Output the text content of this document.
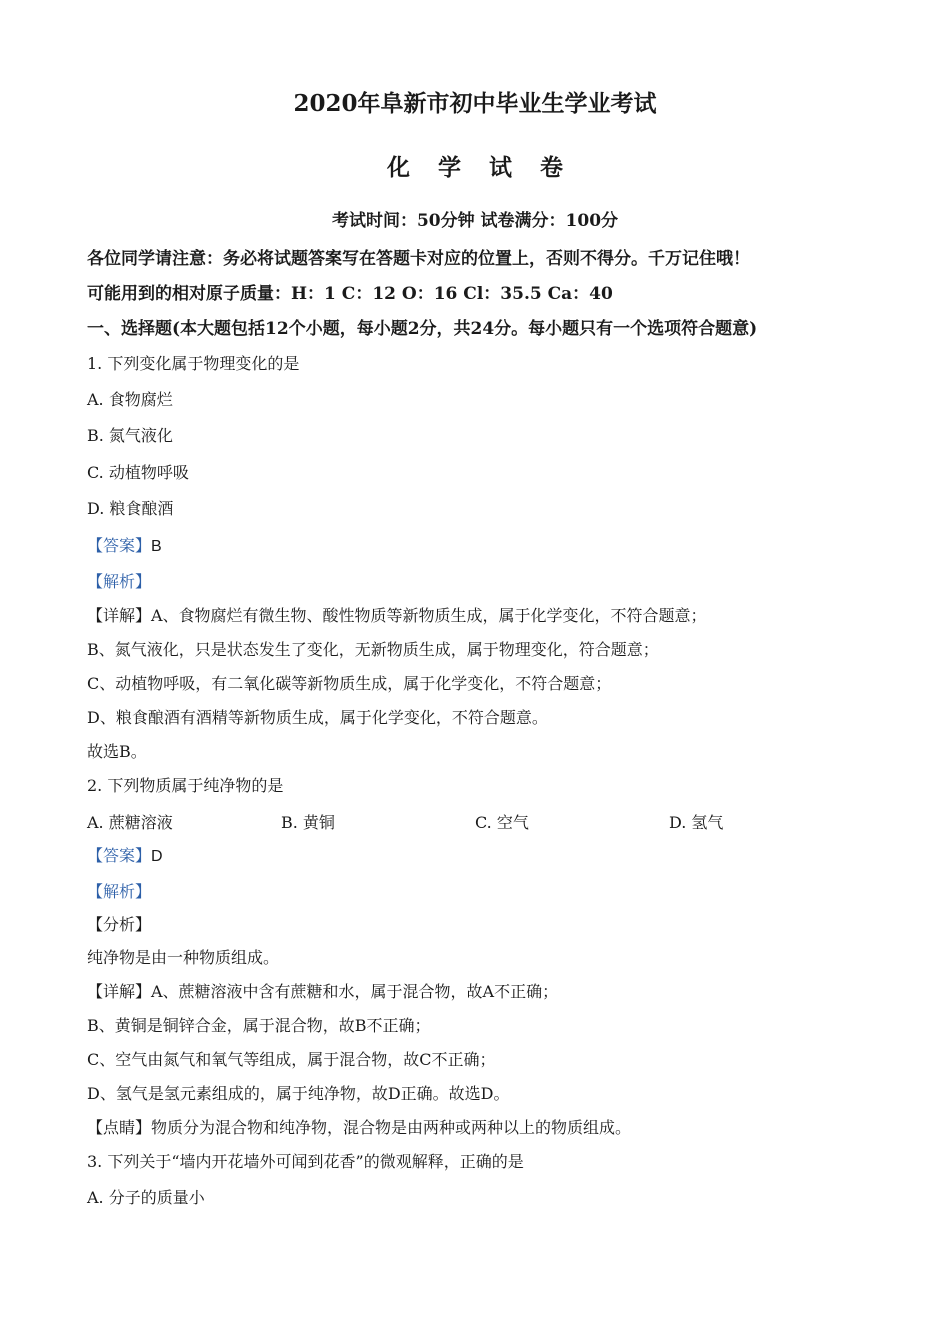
2020年阜新市初中毕业生学业考试
化学试卷
考试时间：50分钟 试卷满分：100分
各位同学请注意：务必将试题答案写在答题卡对应的位置上，否则不得分。千万记住哦！
可能用到的相对原子质量：H：1 C：12 O：16 Cl：35.5 Ca：40
一、选择题(本大题包括12个小题，每小题2分，共24分。每小题只有一个选项符合题意)
1. 下列变化属于物理变化的是
A. 食物腐烂
B. 氮气液化
C. 动植物呼吸
D. 粮食酿酒
【答案】B
【解析】
【详解】A、食物腐烂有微生物、酸性物质等新物质生成，属于化学变化，不符合题意；
B、氮气液化，只是状态发生了变化，无新物质生成，属于物理变化，符合题意；
C、动植物呼吸，有二氧化碳等新物质生成，属于化学变化，不符合题意；
D、粮食酿酒有酒精等新物质生成，属于化学变化，不符合题意。
故选B。
2. 下列物质属于纯净物的是
A. 蔗糖溶液	B. 黄铜	C. 空气	D. 氢气
【答案】D
【解析】
【分析】
纯净物是由一种物质组成。
【详解】A、蔗糖溶液中含有蔗糖和水，属于混合物，故A不正确；
B、黄铜是铜锌合金，属于混合物，故B不正确；
C、空气由氮气和氧气等组成，属于混合物，故C不正确；
D、氢气是氢元素组成的，属于纯净物，故D正确。故选D。
【点睛】物质分为混合物和纯净物，混合物是由两种或两种以上的物质组成。
3. 下列关于“墙内开花墙外可闻到花香”的微观解释，正确的是
A. 分子的质量小
